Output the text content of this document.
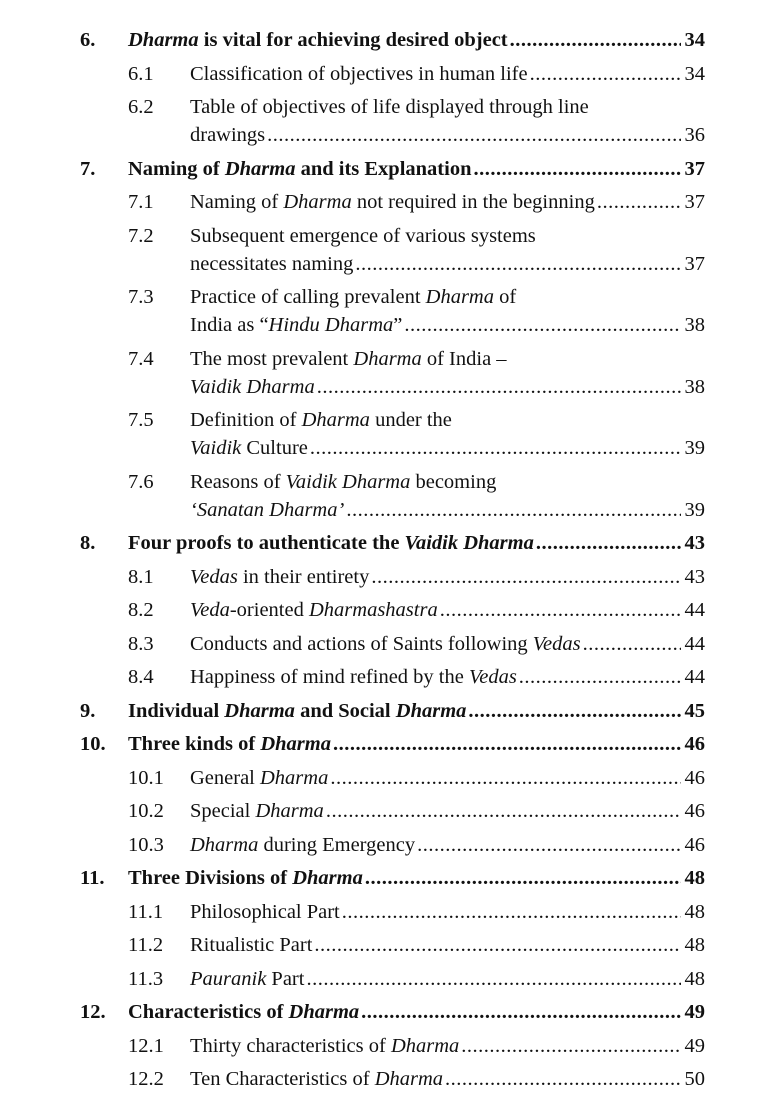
6. Dharma is vital for achieving desired object .....	34
6.1 Classification of objectives in human life .....	34
6.2 Table of objectives of life displayed through line
drawings .....	36
7. Naming of Dharma and its Explanation .....	37
7.1 Naming of Dharma not required in the beginning .....	37
7.2 Subsequent emergence of various systems
necessitates naming .....	37
7.3 Practice of calling prevalent Dharma of
India as “Hindu Dharma” .....	38
7.4 The most prevalent Dharma of India –
Vaidik Dharma .....	38
7.5 Definition of Dharma under the
Vaidik Culture .....	39
7.6 Reasons of Vaidik Dharma becoming
‘Sanatan Dharma’ .....	39
8. Four proofs to authenticate the Vaidik Dharma .....	43
8.1 Vedas in their entirety .....	43
8.2 Veda-oriented Dharmashastra .....	44
8.3 Conducts and actions of Saints following Vedas .....	44
8.4 Happiness of mind refined by the Vedas .....	44
9. Individual Dharma and Social Dharma .....	45
10. Three kinds of Dharma .....	46
10.1 General Dharma .....	46
10.2 Special Dharma .....	46
10.3 Dharma during Emergency .....	46
11. Three Divisions of Dharma .....	48
11.1 Philosophical Part .....	48
11.2 Ritualistic Part .....	48
11.3 Pauranik Part .....	48
12. Characteristics of Dharma .....	49
12.1 Thirty characteristics of Dharma .....	49
12.2 Ten Characteristics of Dharma .....	50
